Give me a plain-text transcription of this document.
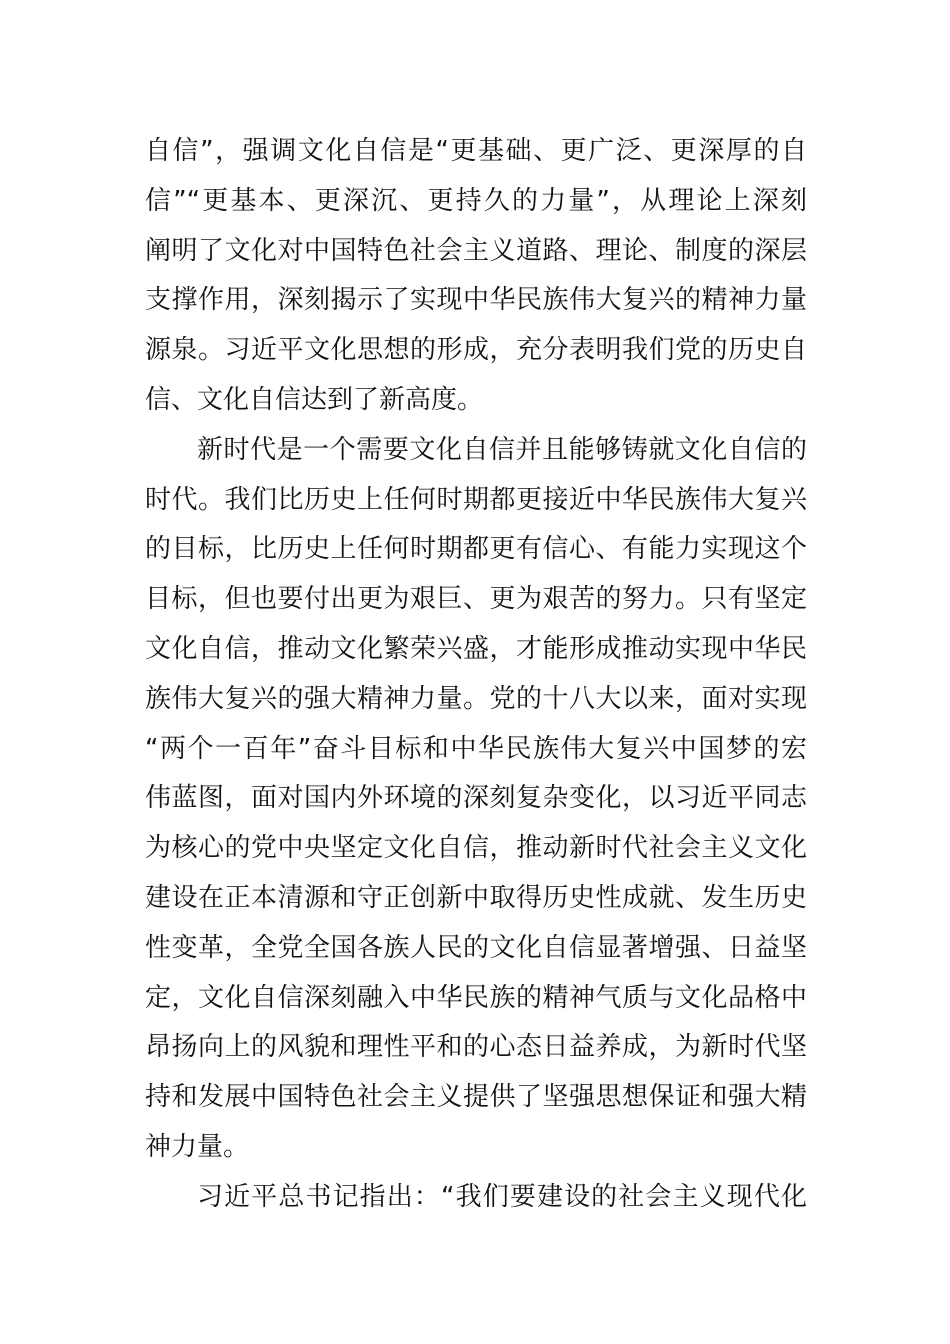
自信”，强调文化自信是“更基础、更广泛、更深厚的自
信”“更基本、更深沉、更持久的力量”，从理论上深刻
阐明了文化对中国特色社会主义道路、理论、制度的深层
支撑作用，深刻揭示了实现中华民族伟大复兴的精神力量
源泉。习近平文化思想的形成，充分表明我们党的历史自
信、文化自信达到了新高度。
新时代是一个需要文化自信并且能够铸就文化自信的
时代。我们比历史上任何时期都更接近中华民族伟大复兴
的目标，比历史上任何时期都更有信心、有能力实现这个
目标，但也要付出更为艰巨、更为艰苦的努力。只有坚定
文化自信，推动文化繁荣兴盛，才能形成推动实现中华民
族伟大复兴的强大精神力量。党的十八大以来，面对实现
“两个一百年”奋斗目标和中华民族伟大复兴中国梦的宏
伟蓝图，面对国内外环境的深刻复杂变化，以习近平同志
为核心的党中央坚定文化自信，推动新时代社会主义文化
建设在正本清源和守正创新中取得历史性成就、发生历史
性变革，全党全国各族人民的文化自信显著增强、日益坚
定，文化自信深刻融入中华民族的精神气质与文化品格中
昂扬向上的风貌和理性平和的心态日益养成，为新时代坚
持和发展中国特色社会主义提供了坚强思想保证和强大精
神力量。
习近平总书记指出：“我们要建设的社会主义现代化
